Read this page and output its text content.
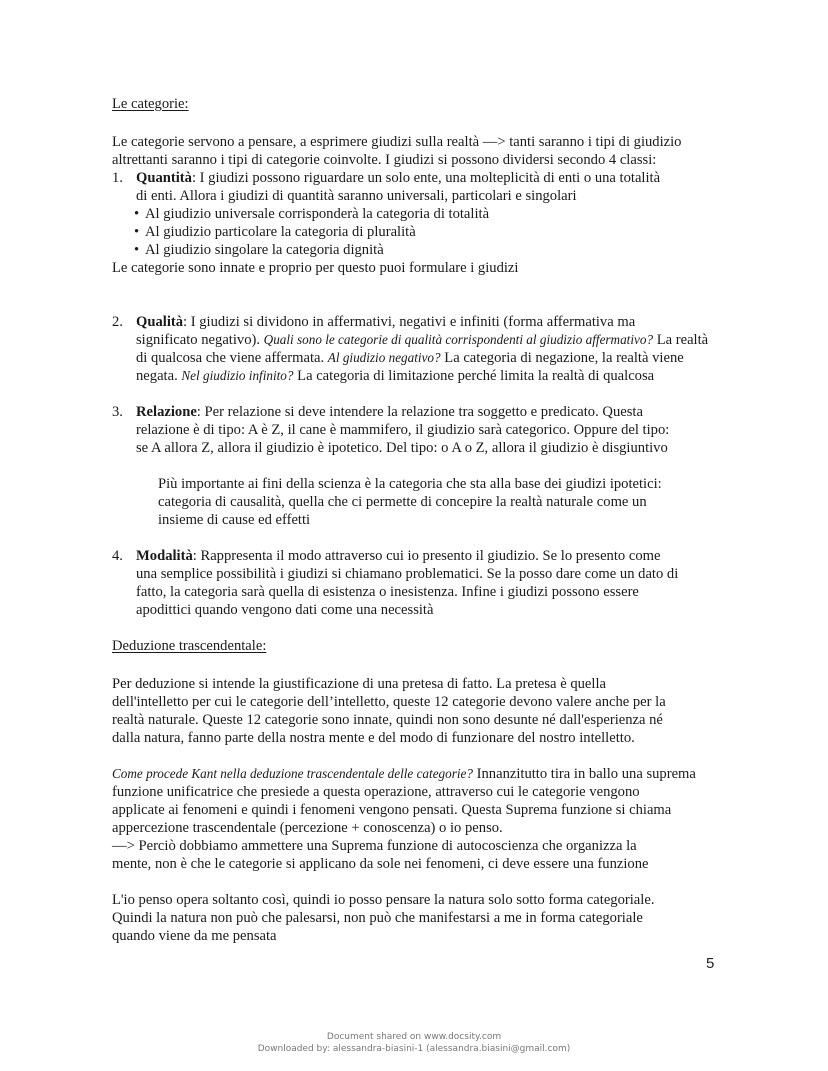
Le categorie:

Le categorie servono a pensare, a esprimere giudizi sulla realtà —> tanti saranno i tipi di giudizio

altrettanti saranno i tipi di categorie coinvolte. I giudizi si possono dividersi secondo 4 classi:

1. Quantità: I giudizi possono riguardare un solo ente, una molteplicità di enti o una totalità

di enti. Allora i giudizi di quantità saranno universali, particolari e singolari

• Al giudizio universale corrisponderà la categoria di totalità
• Al giudizio particolare la categoria di pluralità
• Al giudizio singolare la categoria dignità

Le categorie sono innate e proprio per questo puoi formulare i giudizi

2. Qualità: I giudizi si dividono in affermativi, negativi e infiniti (forma affermativa ma

significato negativo). Quali sono le categorie di qualità corrispondenti al giudizio affermativo? La realtà

di qualcosa che viene affermata. Al giudizio negativo? La categoria di negazione, la realtà viene

negata. Nel giudizio infinito? La categoria di limitazione perché limita la realtà di qualcosa

3. Relazione: Per relazione si deve intendere la relazione tra soggetto e predicato. Questa

relazione è di tipo: A è Z, il cane è mammifero, il giudizio sarà categorico. Oppure del tipo:

se A allora Z, allora il giudizio è ipotetico. Del tipo: o A o Z, allora il giudizio è disgiuntivo

Più importante ai fini della scienza è la categoria che sta alla base dei giudizi ipotetici:

categoria di causalità, quella che ci permette di concepire la realtà naturale come un

insieme di cause ed effetti

4. Modalità: Rappresenta il modo attraverso cui io presento il giudizio. Se lo presento come

una semplice possibilità i giudizi si chiamano problematici. Se la posso dare come un dato di

fatto, la categoria sarà quella di esistenza o inesistenza. Infine i giudizi possono essere

apodittici quando vengono dati come una necessità

Deduzione trascendentale:

Per deduzione si intende la giustificazione di una pretesa di fatto. La pretesa è quella

dell'intelletto per cui le categorie dell’intelletto, queste 12 categorie devono valere anche per la

realtà naturale. Queste 12 categorie sono innate, quindi non sono desunte né dall'esperienza né

dalla natura, fanno parte della nostra mente e del modo di funzionare del nostro intelletto.

Come procede Kant nella deduzione trascendentale delle categorie? Innanzitutto tira in ballo una suprema

funzione unificatrice che presiede a questa operazione, attraverso cui le categorie vengono

applicate ai fenomeni e quindi i fenomeni vengono pensati. Questa Suprema funzione si chiama

appercezione trascendentale (percezione + conoscenza) o io penso.

—> Perciò dobbiamo ammettere una Suprema funzione di autocoscienza che organizza la

mente, non è che le categorie si applicano da sole nei fenomeni, ci deve essere una funzione

L'io penso opera soltanto così, quindi io posso pensare la natura solo sotto forma categoriale.

Quindi la natura non può che palesarsi, non può che manifestarsi a me in forma categoriale

quando viene da me pensata

5
Document shared on www.docsity.com
Downloaded by: alessandra-biasini-1 (alessandra.biasini@gmail.com)
